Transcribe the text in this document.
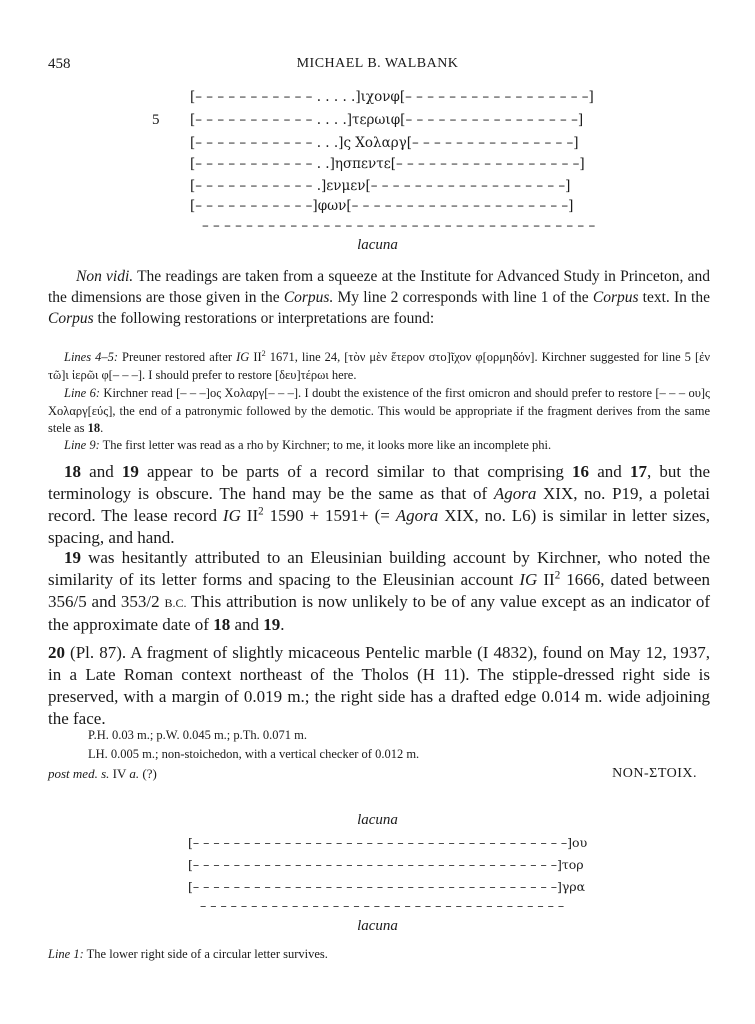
458	MICHAEL B. WALBANK
5
[– – – – – – – – – – – . . . . .]ιχονφ[– – – – – – – – – – – – – – – – –]
[– – – – – – – – – – – . . . .]τερωιφ[– – – – – – – – – – – – – – – –]
[– – – – – – – – – – – . . .]ς Χολαργ[– – – – – – – – – – – – – – –]
[– – – – – – – – – – – . .]ησπεντε[– – – – – – – – – – – – – – – – –]
[– – – – – – – – – – – .]ενμεν[– – – – – – – – – – – – – – – – – –]
[– – – – – – – – – – –]φων[– – – – – – – – – – – – – – – – – – – –]
– – – – – – – – – – – – – – – – – – – – – – – – – – – – – – – – – – – –
lacuna
Non vidi. The readings are taken from a squeeze at the Institute for Advanced Study in Princeton, and the dimensions are those given in the Corpus. My line 2 corresponds with line 1 of the Corpus text. In the Corpus the following restorations or interpretations are found:
Lines 4–5: Preuner restored after IG $II^2$ 1671, line 24, [τὸν μὲν ἕτερον στο]ῖχον φ[ορμηδόν]. Kirchner suggested for line 5 [ἐν τῶ]ι ἱερῶι φ[– – –]. I should prefer to restore [δευ]τέρωι here.
Line 6: Kirchner read [– – –]ος Χολαργ[– – –]. I doubt the existence of the first omicron and should prefer to restore [– – – ου]ς Χολαργ[εύς], the end of a patronymic followed by the demotic. This would be appropriate if the fragment derives from the same stele as 18.
Line 9: The first letter was read as a rho by Kirchner; to me, it looks more like an incomplete phi.
18 and 19 appear to be parts of a record similar to that comprising 16 and 17, but the terminology is obscure. The hand may be the same as that of Agora XIX, no. P19, a poletai record. The lease record IG $II^2$ 1590 + 1591+ (= Agora XIX, no. L6) is similar in letter sizes, spacing, and hand.
19 was hesitantly attributed to an Eleusinian building account by Kirchner, who noted the similarity of its letter forms and spacing to the Eleusinian account IG $II^2$ 1666, dated between 356/5 and 353/2 B.C. This attribution is now unlikely to be of any value except as an indicator of the approximate date of 18 and 19.
20 (Pl. 87). A fragment of slightly micaceous Pentelic marble (I 4832), found on May 12, 1937, in a Late Roman context northeast of the Tholos (H 11). The stipple-dressed right side is preserved, with a margin of 0.019 m.; the right side has a drafted edge 0.014 m. wide adjoining the face.
P.H. 0.03 m.; p.W. 0.045 m.; p.Th. 0.071 m.
LH. 0.005 m.; non-stoichedon, with a vertical checker of 0.012 m.
post med. s. IV a. (?)	NON-ΣΤΟΙΧ.
lacuna
[– – – – – – – – – – – – – – – – – – – – – – – – – – – – – – – – – – – – –]ου
[– – – – – – – – – – – – – – – – – – – – – – – – – – – – – – – – – – – –]τορ
[– – – – – – – – – – – – – – – – – – – – – – – – – – – – – – – – – – – –]γρα
– – – – – – – – – – – – – – – – – – – – – – – – – – – – – – – – – – – –
lacuna
Line 1: The lower right side of a circular letter survives.
